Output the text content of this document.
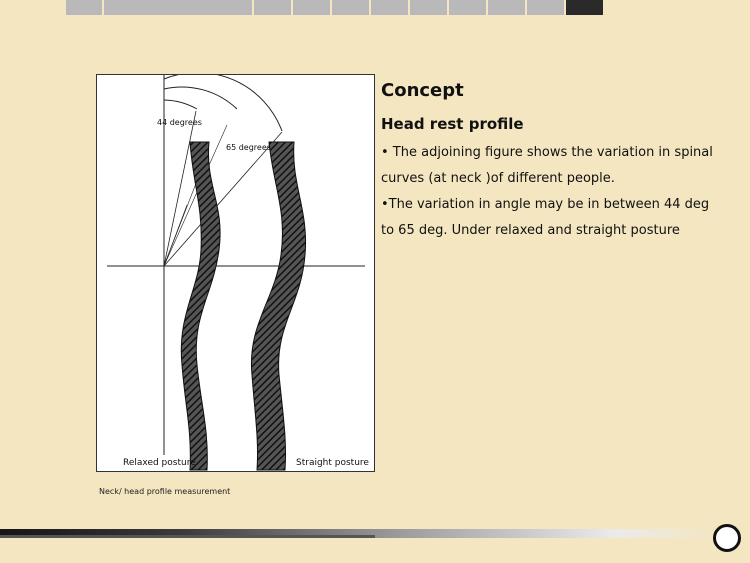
44 degrees
65 degrees
Relaxed posture	Straight posture
Neck/ head profile measurement
Concept
Head rest profile

• The adjoining figure shows the variation in spinal curves (at neck )of different people.

•The variation in angle may be in between 44 deg to 65 deg. Under relaxed and straight posture
